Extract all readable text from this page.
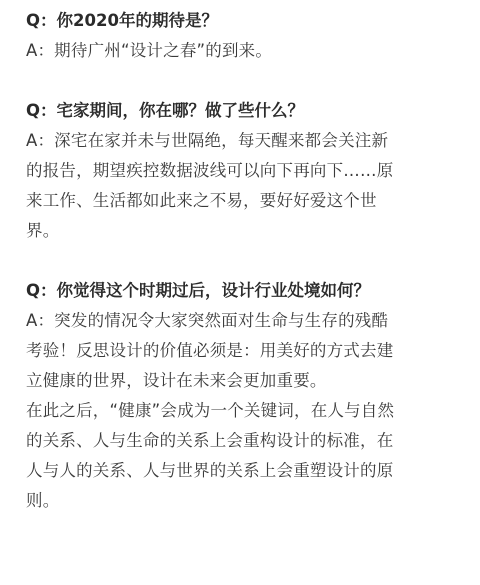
Q：你2020年的期待是？
A：期待广州“设计之春”的到来。
Q：宅家期间，你在哪？做了些什么？
A：深宅在家并未与世隔绝，每天醒来都会关注新
的报告，期望疾控数据波线可以向下再向下……原
来工作、生活都如此来之不易，要好好爱这个世
界。
Q：你觉得这个时期过后，设计行业处境如何？
A：突发的情况令大家突然面对生命与生存的残酷
考验！反思设计的价值必须是：用美好的方式去建
立健康的世界，设计在未来会更加重要。
在此之后，“健康”会成为一个关键词，在人与自然
的关系、人与生命的关系上会重构设计的标准，在
人与人的关系、人与世界的关系上会重塑设计的原
则。
